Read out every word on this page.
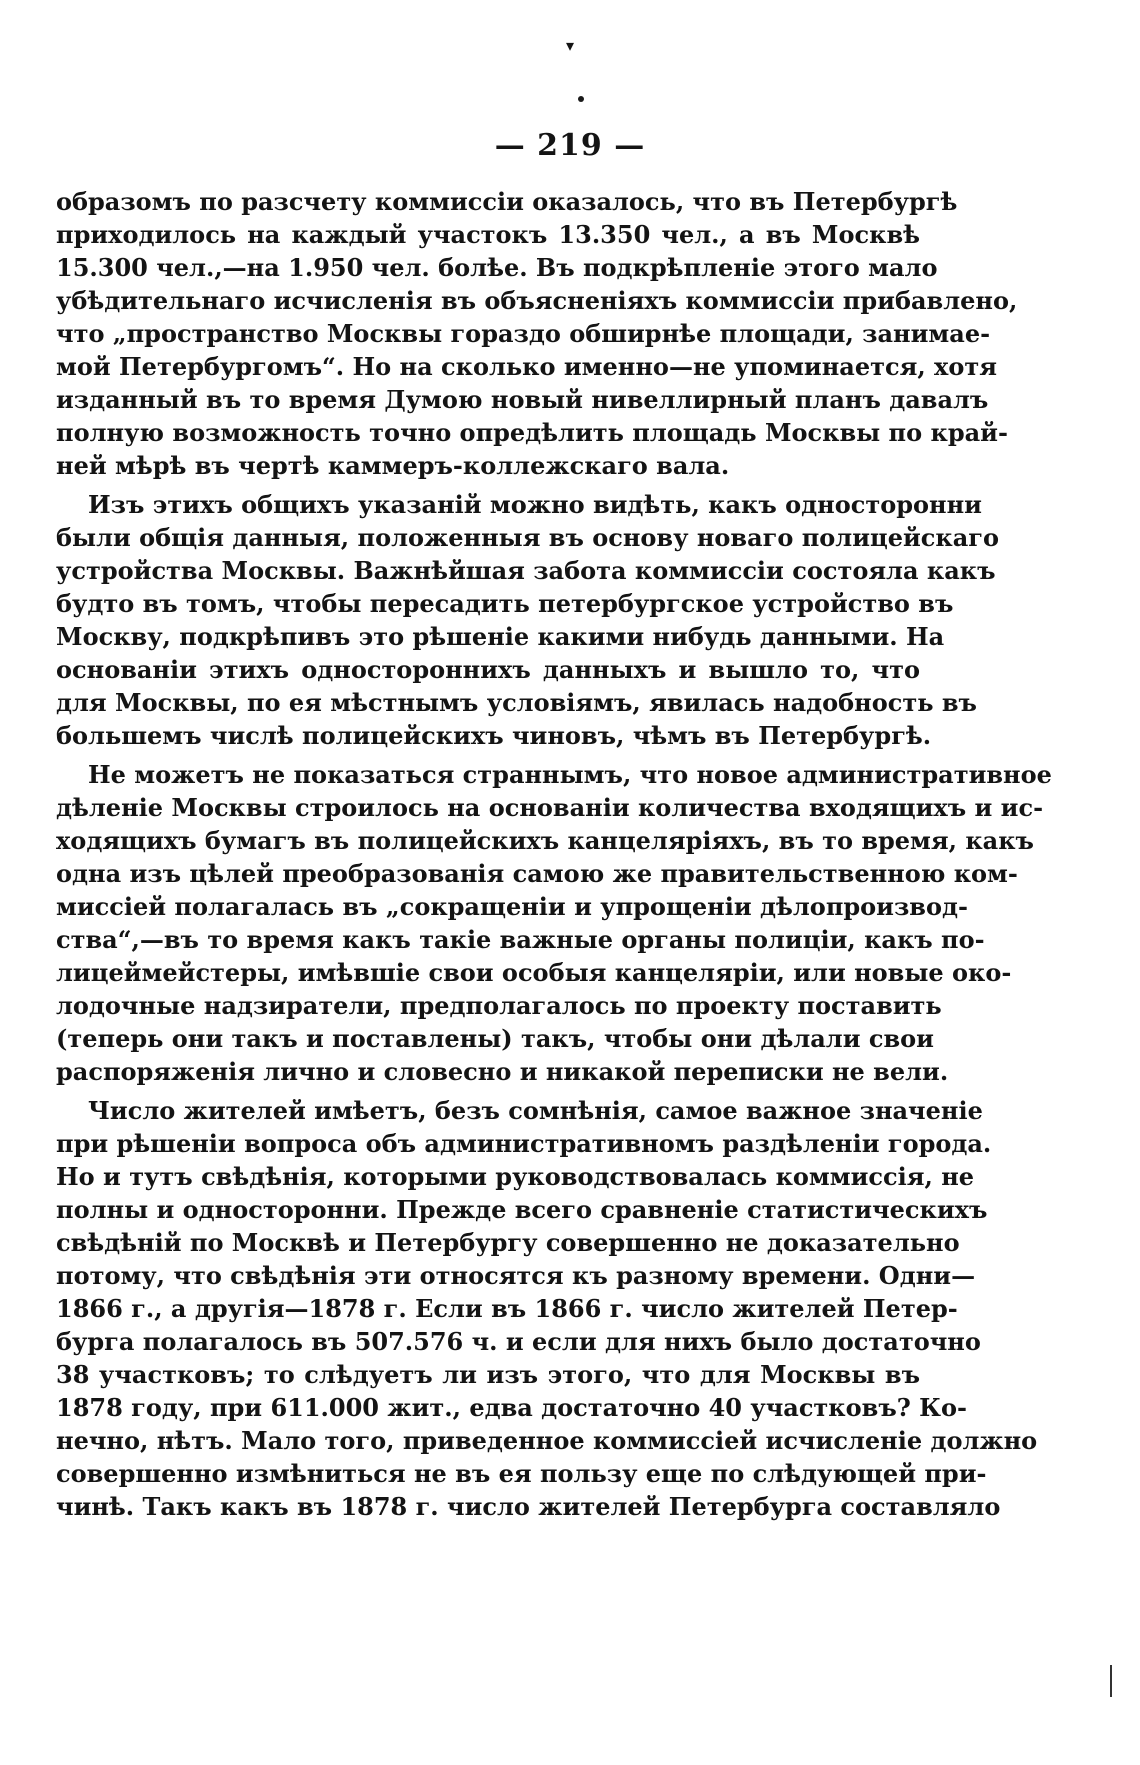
▾
— 219 —
образомъ по разсчету коммиссіи оказалось, что въ Петербургѣ
приходилось на каждый участокъ 13.350 чел., а въ Москвѣ
15.300 чел.,—на 1.950 чел. болѣе. Въ подкрѣпленіе этого мало
убѣдительнаго исчисленія въ объясненіяхъ коммиссіи прибавлено,
что „пространство Москвы гораздо обширнѣе площади, занимае-
мой Петербургомъ“. Но на сколько именно—не упоминается, хотя
изданный въ то время Думою новый нивеллирный планъ давалъ
полную возможность точно опредѣлить площадь Москвы по край-
ней мѣрѣ въ чертѣ каммеръ-коллежскаго вала.
Изъ этихъ общихъ указаній можно видѣть, какъ односторонни
были общія данныя, положенныя въ основу новаго полицейскаго
устройства Москвы. Важнѣйшая забота коммиссіи состояла какъ
будто въ томъ, чтобы пересадить петербургское устройство въ
Москву, подкрѣпивъ это рѣшеніе какими нибудь данными. На
основаніи этихъ одностороннихъ данныхъ и вышло то, что
для Москвы, по ея мѣстнымъ условіямъ, явилась надобность въ
большемъ числѣ полицейскихъ чиновъ, чѣмъ въ Петербургѣ.
Не можетъ не показаться страннымъ, что новое административное
дѣленіе Москвы строилось на основаніи количества входящихъ и ис-
ходящихъ бумагъ въ полицейскихъ канцеляріяхъ, въ то время, какъ
одна изъ цѣлей преобразованія самою же правительственною ком-
миссіей полагалась въ „сокращеніи и упрощеніи дѣлопроизвод-
ства“,—въ то время какъ такіе важные органы полиціи, какъ по-
лицеймейстеры, имѣвшіе свои особыя канцеляріи, или новые око-
лодочные надзиратели, предполагалось по проекту поставить
(теперь они такъ и поставлены) такъ, чтобы они дѣлали свои
распоряженія лично и словесно и никакой переписки не вели.
Число жителей имѣетъ, безъ сомнѣнія, самое важное значеніе
при рѣшеніи вопроса объ административномъ раздѣленіи города.
Но и тутъ свѣдѣнія, которыми руководствовалась коммиссія, не
полны и односторонни. Прежде всего сравненіе статистическихъ
свѣдѣній по Москвѣ и Петербургу совершенно не доказательно
потому, что свѣдѣнія эти относятся къ разному времени. Одни—
1866 г., а другія—1878 г. Если въ 1866 г. число жителей Петер-
бурга полагалось въ 507.576 ч. и если для нихъ было достаточно
38 участковъ; то слѣдуетъ ли изъ этого, что для Москвы въ
1878 году, при 611.000 жит., едва достаточно 40 участковъ? Ко-
нечно, нѣтъ. Мало того, приведенное коммиссіей исчисленіе должно
совершенно измѣниться не въ ея пользу еще по слѣдующей при-
чинѣ. Такъ какъ въ 1878 г. число жителей Петербурга составляло
